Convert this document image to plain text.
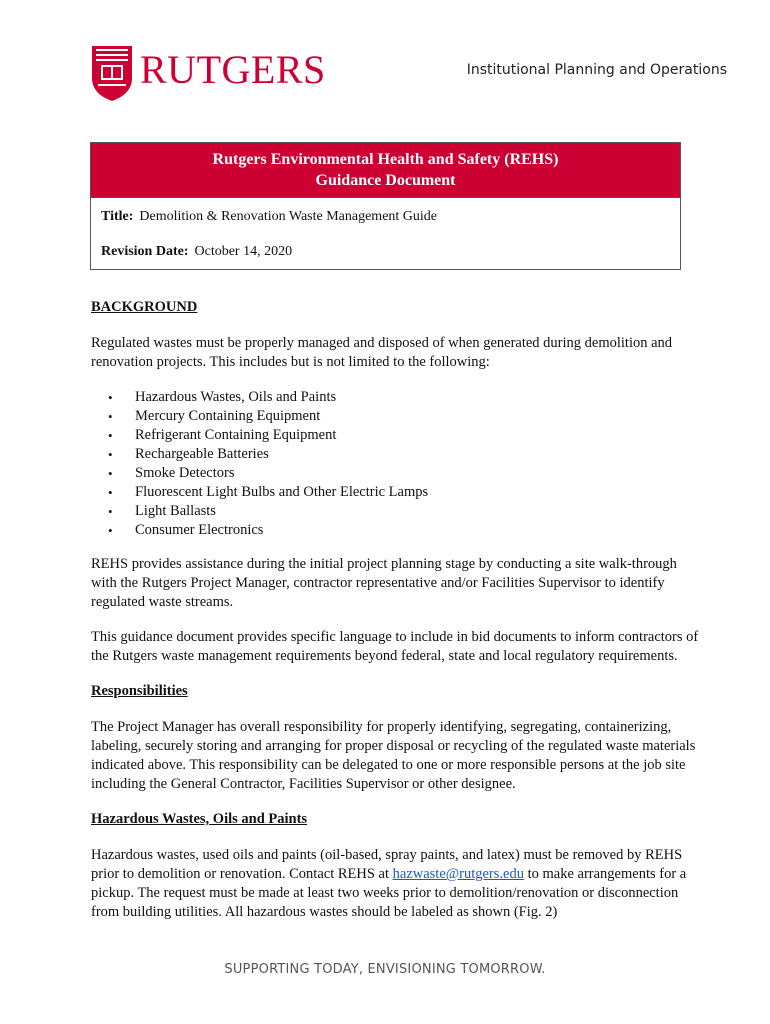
RUTGERS	Institutional Planning and Operations
Rutgers Environmental Health and Safety (REHS)
Guidance Document
Title: Demolition & Renovation Waste Management Guide
Revision Date: October 14, 2020
BACKGROUND

Regulated wastes must be properly managed and disposed of when generated during demolition and renovation projects. This includes but is not limited to the following:

• Hazardous Wastes, Oils and Paints
• Mercury Containing Equipment
• Refrigerant Containing Equipment
• Rechargeable Batteries
• Smoke Detectors
• Fluorescent Light Bulbs and Other Electric Lamps
• Light Ballasts
• Consumer Electronics

REHS provides assistance during the initial project planning stage by conducting a site walk-through with the Rutgers Project Manager, contractor representative and/or Facilities Supervisor to identify regulated waste streams.

This guidance document provides specific language to include in bid documents to inform contractors of the Rutgers waste management requirements beyond federal, state and local regulatory requirements.

Responsibilities

The Project Manager has overall responsibility for properly identifying, segregating, containerizing, labeling, securely storing and arranging for proper disposal or recycling of the regulated waste materials indicated above. This responsibility can be delegated to one or more responsible persons at the job site including the General Contractor, Facilities Supervisor or other designee.

Hazardous Wastes, Oils and Paints

Hazardous wastes, used oils and paints (oil-based, spray paints, and latex) must be removed by REHS prior to demolition or renovation. Contact REHS at hazwaste@rutgers.edu to make arrangements for a pickup. The request must be made at least two weeks prior to demolition/renovation or disconnection from building utilities. All hazardous wastes should be labeled as shown (Fig. 2)

SUPPORTING TODAY, ENVISIONING TOMORROW.
